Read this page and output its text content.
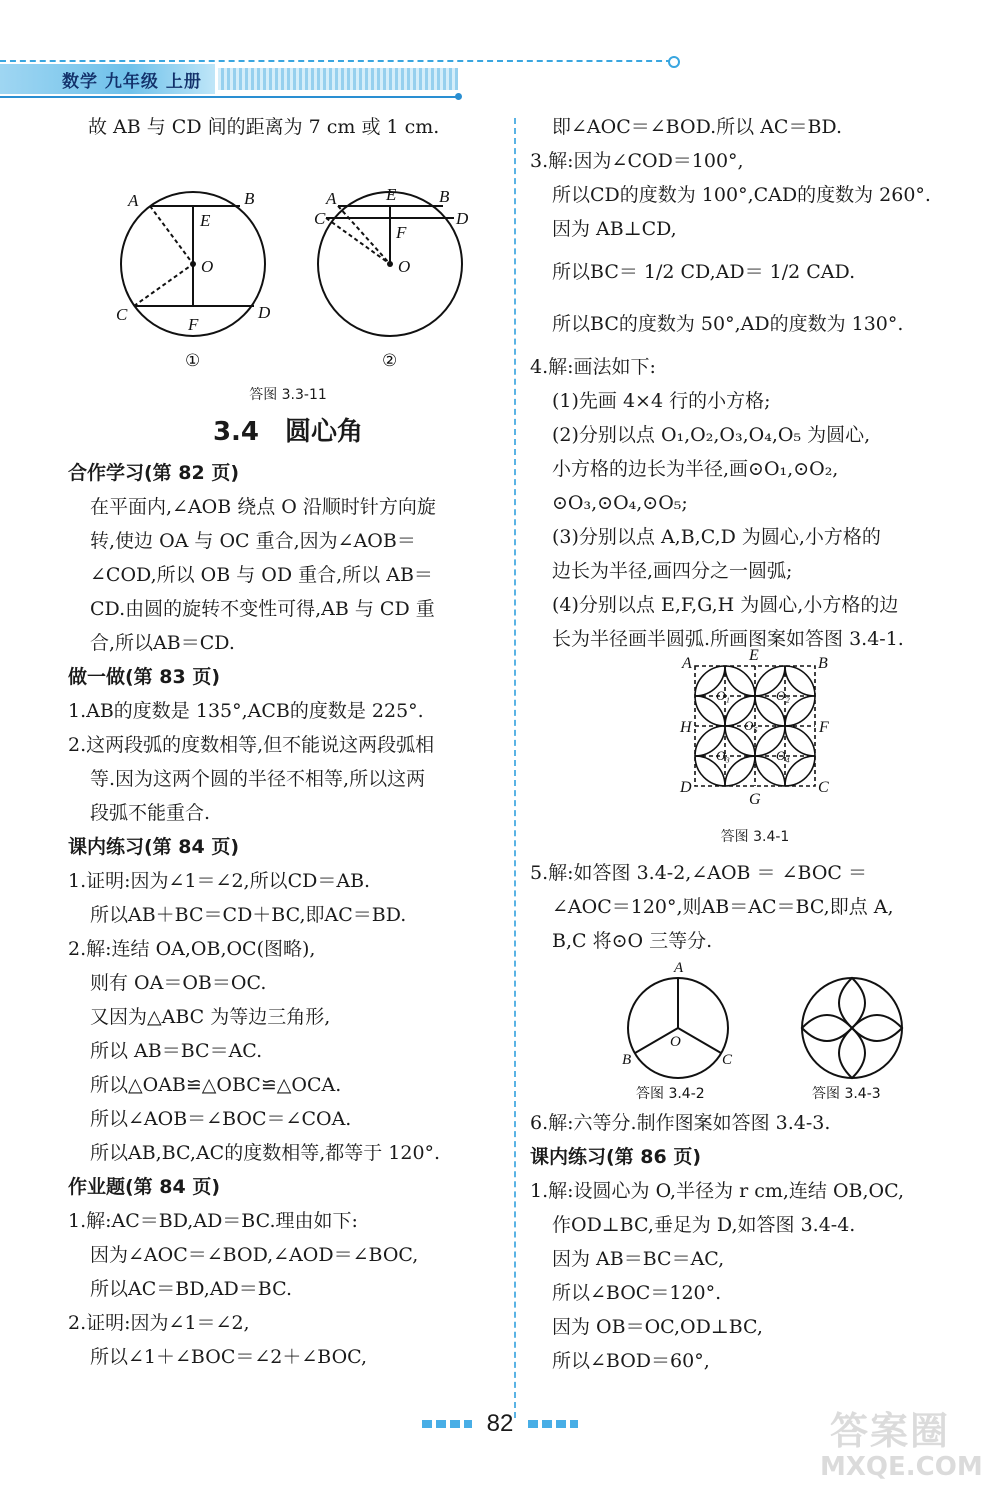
数学 九年级 上册

故 AB 与 CD 间的距离为 7 cm 或 1 cm.

A	B
E
O
C	D
F
A	E	B
C	D
F
O
①	②

答图 3.3-11

3.4　圆心角

合作学习(第 82 页)

在平面内,∠AOB 绕点 O 沿顺时针方向旋

转,使边 OA 与 OC 重合,因为∠AOB＝

∠COD,所以 OB 与 OD 重合,所以 AB＝

CD.由圆的旋转不变性可得,AB 与 CD 重

合,所以AB＝CD.

做一做(第 83 页)

1.AB的度数是 135°,ACB的度数是 225°.

2.这两段弧的度数相等,但不能说这两段弧相

等.因为这两个圆的半径不相等,所以这两

段弧不能重合.

课内练习(第 84 页)

1.证明:因为∠1＝∠2,所以CD＝AB.

所以AB＋BC＝CD＋BC,即AC＝BD.

2.解:连结 OA,OB,OC(图略),

则有 OA＝OB＝OC.

又因为△ABC 为等边三角形,

所以 AB＝BC＝AC.

所以△OAB≌△OBC≌△OCA.

所以∠AOB＝∠BOC＝∠COA.

所以AB,BC,AC的度数相等,都等于 120°.

作业题(第 84 页)

1.解:AC＝BD,AD＝BC.理由如下:

因为∠AOC＝∠BOD,∠AOD＝∠BOC,

所以AC＝BD,AD＝BC.

2.证明:因为∠1＝∠2,

所以∠1＋∠BOC＝∠2＋∠BOC,

即∠AOC＝∠BOD.所以 AC＝BD.

3.解:因为∠COD＝100°,

所以CD的度数为 100°,CAD的度数为 260°.

因为 AB⊥CD,

所以BC＝ 1/2 CD,AD＝ 1/2 CAD.

所以BC的度数为 50°,AD的度数为 130°.

4.解:画法如下:

(1)先画 4×4 行的小方格;

(2)分别以点 O₁,O₂,O₃,O₄,O₅ 为圆心,

小方格的边长为半径,画⊙O₁,⊙O₂,

⊙O₃,⊙O₄,⊙O₅;

(3)分别以点 A,B,C,D 为圆心,小方格的

边长为半径,画四分之一圆弧;

(4)分别以点 E,F,G,H 为圆心,小方格的边

长为半径画半圆弧.所画图案如答图 3.4-1.

A	E	B
H	F
D
G
C
O₁	O₂
O₃	O₄
O₅

答图 3.4-1

5.解:如答图 3.4-2,∠AOB ＝ ∠BOC ＝

∠AOC＝120°,则AB＝AC＝BC,即点 A,

B,C 将⊙O 三等分.

A
O
B	C
答图 3.4-2	答图 3.4-3

6.解:六等分.制作图案如答图 3.4-3.

课内练习(第 86 页)

1.解:设圆心为 O,半径为 r cm,连结 OB,OC,

作OD⊥BC,垂足为 D,如答图 3.4-4.

因为 AB＝BC＝AC,

所以∠BOC＝120°.

因为 OB＝OC,OD⊥BC,

所以∠BOD＝60°,

82	答案圈
MXQE.COM
